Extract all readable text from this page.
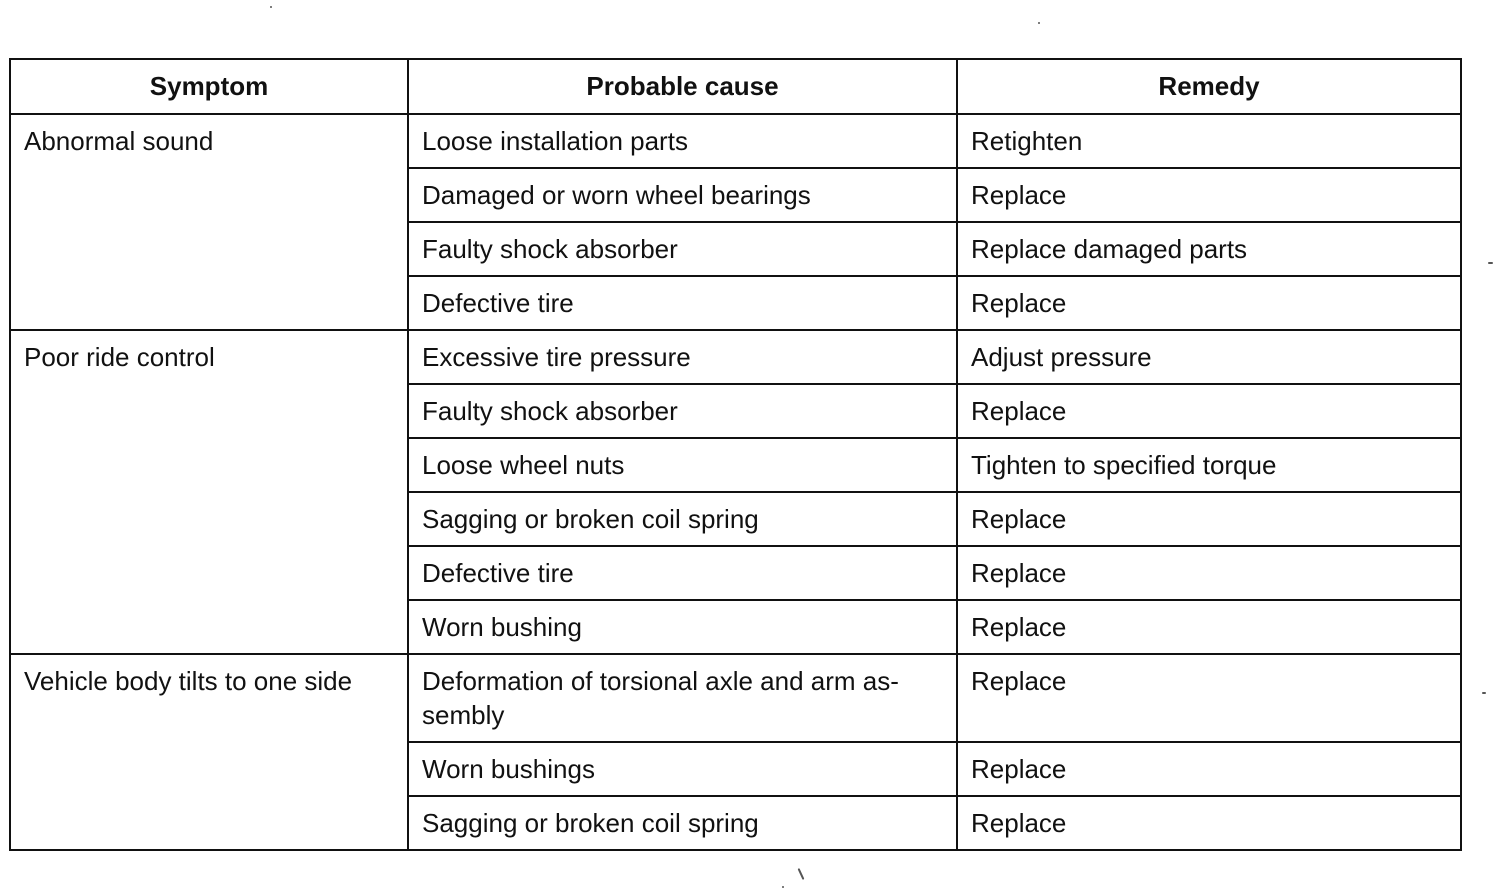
Symptom	Probable cause	Remedy
Abnormal sound	Loose installation parts	Retighten
	Damaged or worn wheel bearings	Replace
	Faulty shock absorber	Replace damaged parts
	Defective tire	Replace
Poor ride control	Excessive tire pressure	Adjust pressure
	Faulty shock absorber	Replace
	Loose wheel nuts	Tighten to specified torque
	Sagging or broken coil spring	Replace
	Defective tire	Replace
	Worn bushing	Replace
Vehicle body tilts to one side	Deformation of torsional axle and arm as-sembly	Replace
	Worn bushings	Replace
	Sagging or broken coil spring	Replace
